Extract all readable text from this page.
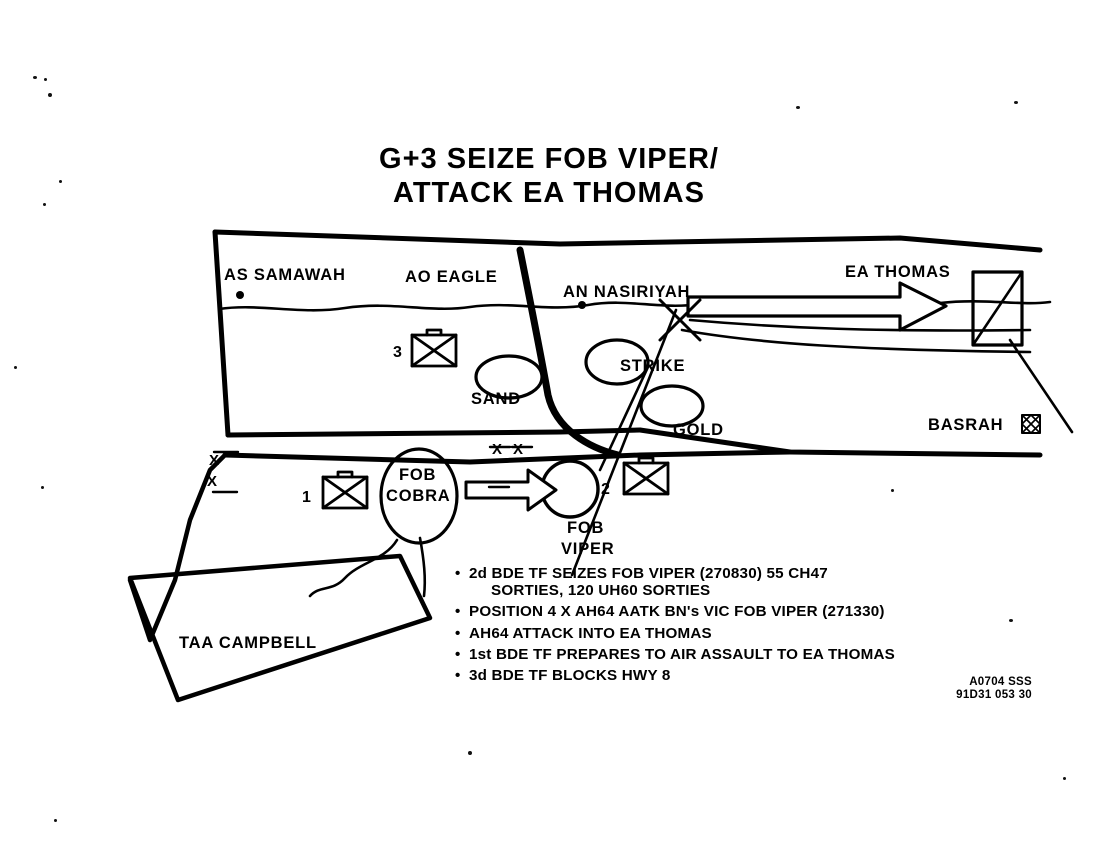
G+3 SEIZE FOB VIPER/
ATTACK EA THOMAS
AS SAMAWAH	AO EAGLE
AN NASIRIYAH
EA THOMAS
SAND
STRIKE
GOLD	BASRAH
FOB
COBRA
FOB
VIPER
TAA CAMPBELL
3
1	2
X
X
X X
• 2d BDE TF SEIZES FOB VIPER (270830) 55 CH47
SORTIES, 120 UH60 SORTIES
• POSITION 4 X AH64 AATK BN's VIC FOB VIPER (271330)
• AH64 ATTACK INTO EA THOMAS
• 1st BDE TF PREPARES TO AIR ASSAULT TO EA THOMAS
• 3d BDE TF BLOCKS HWY 8	A0704 SSS
91D31 053 30
